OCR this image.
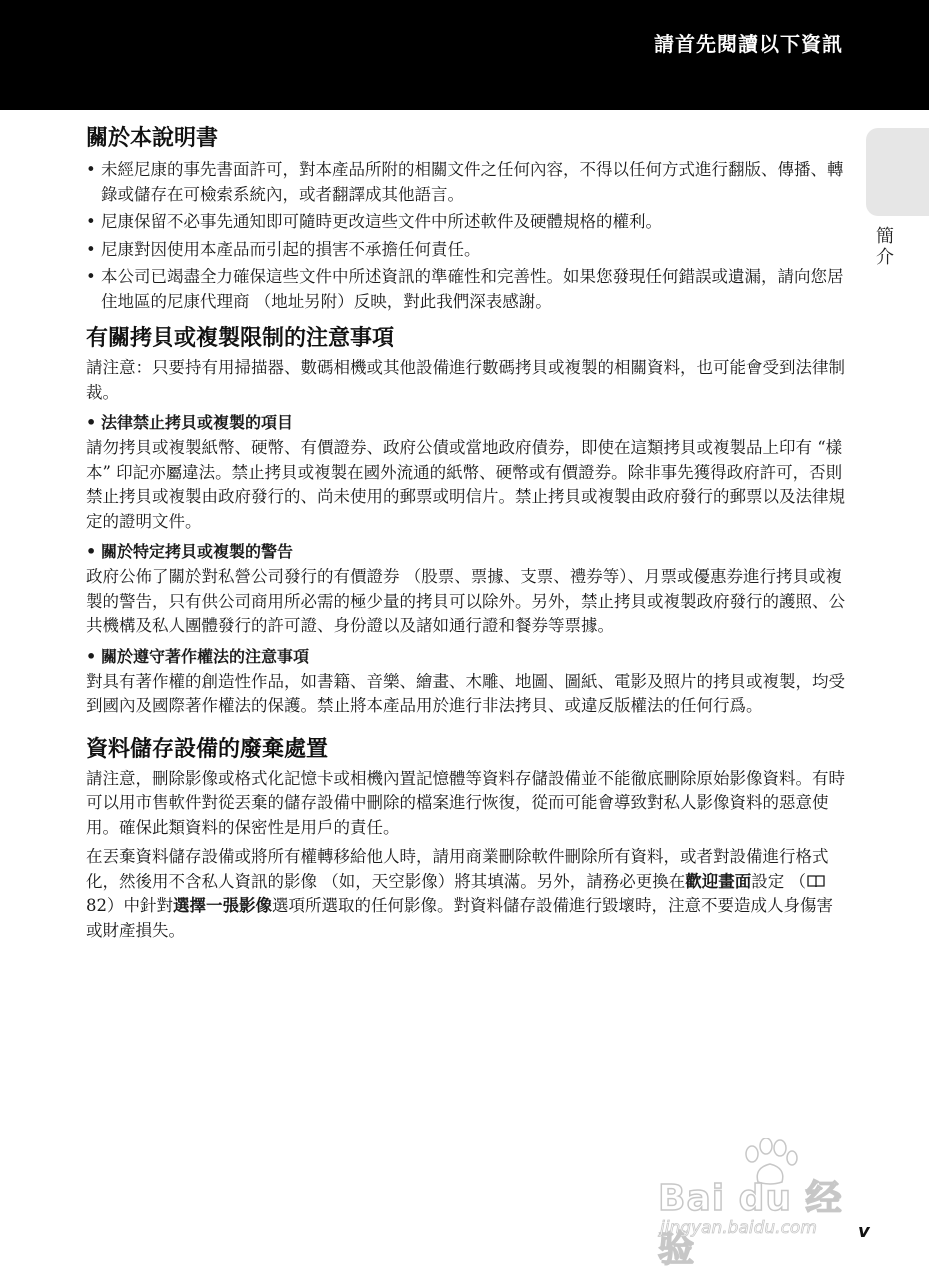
請首先閱讀以下資訊
簡介
關於本說明書
• 未經尼康的事先書面許可，對本產品所附的相關文件之任何內容，不得以任何方式進行翻版、傳播、轉錄或儲存在可檢索系統內，或者翻譯成其他語言。
• 尼康保留不必事先通知即可隨時更改這些文件中所述軟件及硬體規格的權利。
• 尼康對因使用本產品而引起的損害不承擔任何責任。
• 本公司已竭盡全力確保這些文件中所述資訊的準確性和完善性。如果您發現任何錯誤或遺漏，請向您居住地區的尼康代理商 （地址另附）反映，對此我們深表感謝。
有關拷貝或複製限制的注意事項

請注意：只要持有用掃描器、數碼相機或其他設備進行數碼拷貝或複製的相關資料，也可能會受到法律制裁。

• 法律禁止拷貝或複製的項目

請勿拷貝或複製紙幣、硬幣、有價證券、政府公債或當地政府債券，即使在這類拷貝或複製品上印有 “樣本” 印記亦屬違法。禁止拷貝或複製在國外流通的紙幣、硬幣或有價證券。除非事先獲得政府許可，否則禁止拷貝或複製由政府發行的、尚未使用的郵票或明信片。禁止拷貝或複製由政府發行的郵票以及法律規定的證明文件。

• 關於特定拷貝或複製的警告

政府公佈了關於對私營公司發行的有價證券 （股票、票據、支票、禮券等）、月票或優惠券進行拷貝或複製的警告，只有供公司商用所必需的極少量的拷貝可以除外。另外，禁止拷貝或複製政府發行的護照、公共機構及私人團體發行的許可證、身份證以及諸如通行證和餐券等票據。

• 關於遵守著作權法的注意事項

對具有著作權的創造性作品，如書籍、音樂、繪畫、木雕、地圖、圖紙、電影及照片的拷貝或複製，均受到國內及國際著作權法的保護。禁止將本產品用於進行非法拷貝、或違反版權法的任何行爲。

資料儲存設備的廢棄處置

請注意，刪除影像或格式化記憶卡或相機內置記憶體等資料存儲設備並不能徹底刪除原始影像資料。有時可以用市售軟件對從丟棄的儲存設備中刪除的檔案進行恢復，從而可能會導致對私人影像資料的惡意使用。確保此類資料的保密性是用戶的責任。

在丟棄資料儲存設備或將所有權轉移給他人時，請用商業刪除軟件刪除所有資料，或者對設備進行格式化，然後用不含私人資訊的影像 （如，天空影像）將其填滿。另外，請務必更換在歡迎畫面設定 （82）中針對選擇一張影像選項所選取的任何影像。對資料儲存設備進行毀壞時，注意不要造成人身傷害或財產損失。

Bai du 经验
jingyan.baidu.com v
